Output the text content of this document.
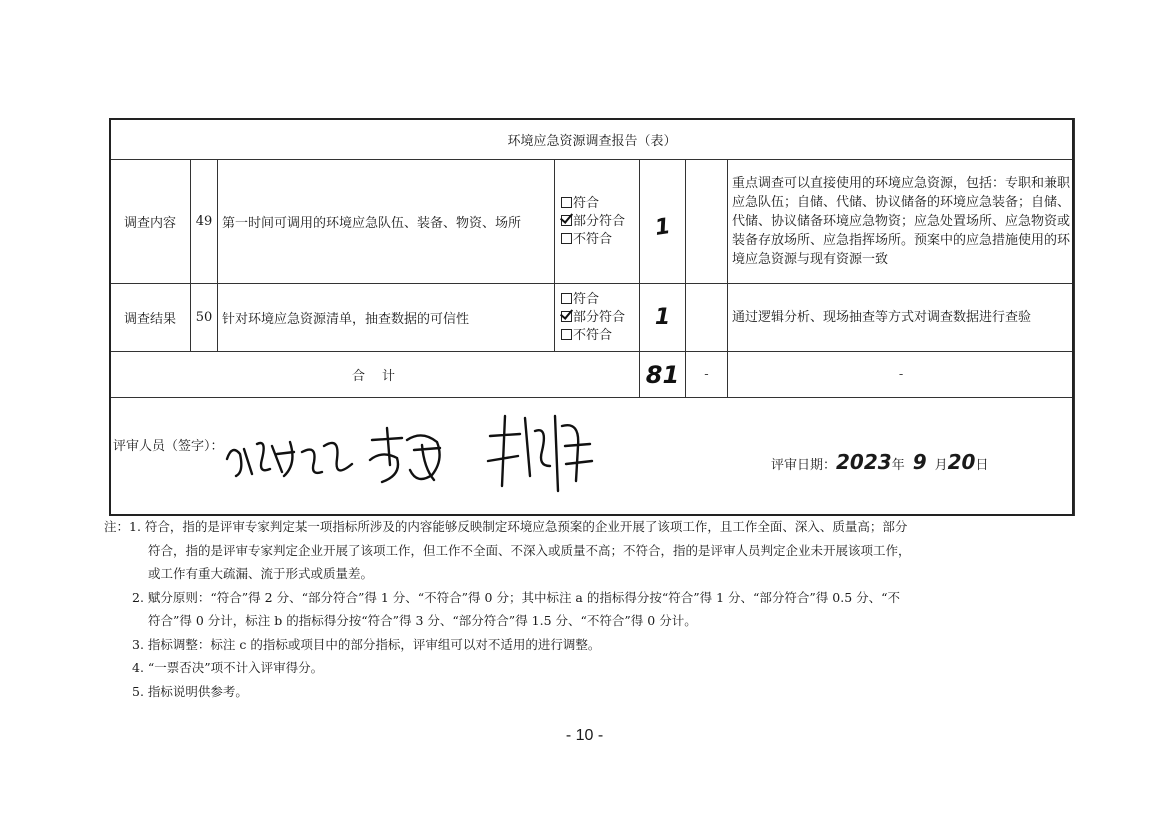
环境应急资源调查报告（表）						
调查内容	49	第一时间可调用的环境应急队伍、装备、物资、场所	符合
部分符合
不符合	1		重点调查可以直接使用的环境应急资源，包括：专职和兼职应急队伍；自储、代储、协议储备的环境应急装备；自储、代储、协议储备环境应急物资；应急处置场所、应急物资或装备存放场所、应急指挥场所。预案中的应急措施使用的环境应急资源与现有资源一致
调查结果	50	针对环境应急资源清单，抽查数据的可信性	符合
部分符合
不符合	1		通过逻辑分析、现场抽查等方式对调查数据进行查验
合　计				81	-	-

评审人员（签字）：
评审日期：2023年 9 月20日						
注：1. 符合，指的是评审专家判定某一项指标所涉及的内容能够反映制定环境应急预案的企业开展了该项工作，且工作全面、深入、质量高；部分
符合，指的是评审专家判定企业开展了该项工作，但工作不全面、不深入或质量不高；不符合，指的是评审人员判定企业未开展该项工作，
或工作有重大疏漏、流于形式或质量差。
2. 赋分原则：“符合”得 2 分、“部分符合”得 1 分、“不符合”得 0 分；其中标注 a 的指标得分按“符合”得 1 分、“部分符合”得 0.5 分、“不
符合”得 0 分计，标注 b 的指标得分按“符合”得 3 分、“部分符合”得 1.5 分、“不符合”得 0 分计。
3. 指标调整：标注 c 的指标或项目中的部分指标，评审组可以对不适用的进行调整。
4. “一票否决”项不计入评审得分。
5. 指标说明供参考。
- 10 -
